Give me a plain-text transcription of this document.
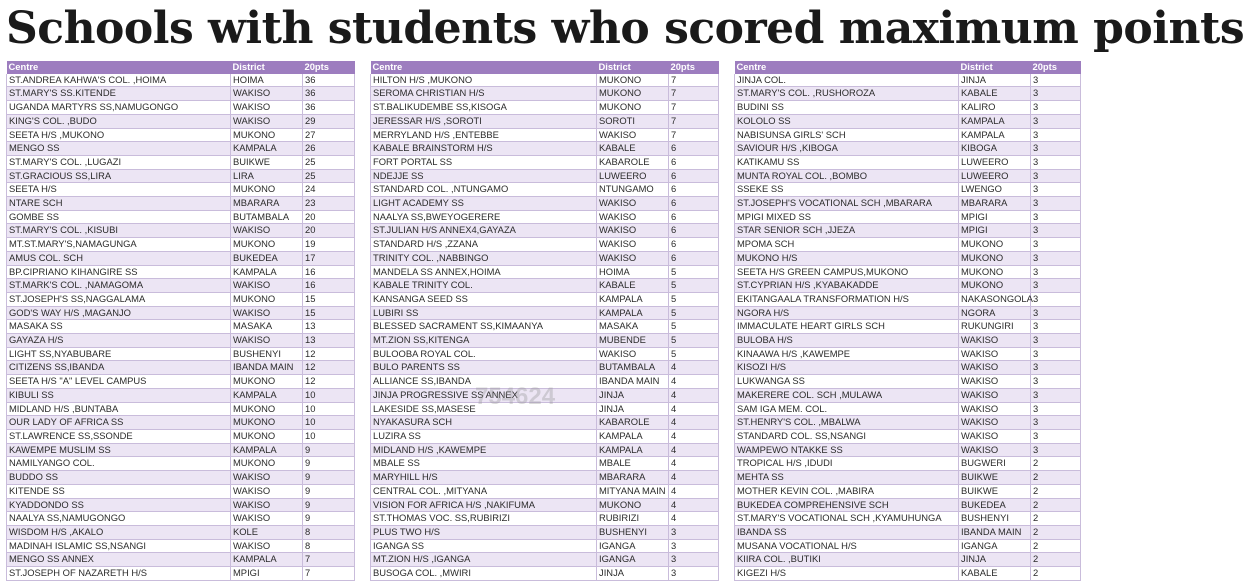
Schools with students who scored maximum points
Centre	District	20pts
ST.ANDREA KAHWA'S COL. ,HOIMA	HOIMA	36
ST.MARY'S SS.KITENDE	WAKISO	36
UGANDA MARTYRS SS,NAMUGONGO	WAKISO	36
KING'S COL. ,BUDO	WAKISO	29
SEETA H/S ,MUKONO	MUKONO	27
MENGO SS	KAMPALA	26
ST.MARY'S COL. ,LUGAZI	BUIKWE	25
ST.GRACIOUS SS,LIRA	LIRA	25
SEETA H/S	MUKONO	24
NTARE SCH	MBARARA	23
GOMBE SS	BUTAMBALA	20
ST.MARY'S COL. ,KISUBI	WAKISO	20
MT.ST.MARY'S,NAMAGUNGA	MUKONO	19
AMUS COL. SCH	BUKEDEA	17
BP.CIPRIANO KIHANGIRE SS	KAMPALA	16
ST.MARK'S COL. ,NAMAGOMA	WAKISO	16
ST.JOSEPH'S SS,NAGGALAMA	MUKONO	15
GOD'S WAY H/S ,MAGANJO	WAKISO	15
MASAKA SS	MASAKA	13
GAYAZA H/S	WAKISO	13
LIGHT SS,NYABUBARE	BUSHENYI	12
CITIZENS SS,IBANDA	IBANDA MAIN	12
SEETA H/S "A" LEVEL CAMPUS	MUKONO	12
KIBULI SS	KAMPALA	10
MIDLAND H/S ,BUNTABA	MUKONO	10
OUR LADY OF AFRICA SS	MUKONO	10
ST.LAWRENCE SS,SSONDE	MUKONO	10
KAWEMPE MUSLIM SS	KAMPALA	9
NAMILYANGO COL.	MUKONO	9
BUDDO SS	WAKISO	9
KITENDE SS	WAKISO	9
KYADDONDO SS	WAKISO	9
NAALYA SS,NAMUGONGO	WAKISO	9
WISDOM H/S ,AKALO	KOLE	8
MADINAH ISLAMIC SS,NSANGI	WAKISO	8
MENGO SS ANNEX	KAMPALA	7
ST.JOSEPH OF NAZARETH H/S	MPIGI	7
Centre	District	20pts
HILTON H/S ,MUKONO	MUKONO	7
SEROMA CHRISTIAN H/S	MUKONO	7
ST.BALIKUDEMBE SS,KISOGA	MUKONO	7
JERESSAR H/S ,SOROTI	SOROTI	7
MERRYLAND H/S ,ENTEBBE	WAKISO	7
KABALE BRAINSTORM H/S	KABALE	6
FORT PORTAL SS	KABAROLE	6
NDEJJE SS	LUWEERO	6
STANDARD COL. ,NTUNGAMO	NTUNGAMO	6
LIGHT ACADEMY SS	WAKISO	6
NAALYA SS,BWEYOGERERE	WAKISO	6
ST.JULIAN H/S ANNEX4,GAYAZA	WAKISO	6
STANDARD H/S ,ZZANA	WAKISO	6
TRINITY COL. ,NABBINGO	WAKISO	6
MANDELA SS ANNEX,HOIMA	HOIMA	5
KABALE TRINITY COL.	KABALE	5
KANSANGA SEED SS	KAMPALA	5
LUBIRI SS	KAMPALA	5
BLESSED SACRAMENT SS,KIMAANYA	MASAKA	5
MT.ZION SS,KITENGA	MUBENDE	5
BULOOBA ROYAL COL.	WAKISO	5
BULO PARENTS SS	BUTAMBALA	4
ALLIANCE SS,IBANDA	IBANDA MAIN	4
JINJA PROGRESSIVE SS ANNEX	JINJA	4
LAKESIDE SS,MASESE	JINJA	4
NYAKASURA SCH	KABAROLE	4
LUZIRA SS	KAMPALA	4
MIDLAND H/S ,KAWEMPE	KAMPALA	4
MBALE SS	MBALE	4
MARYHILL H/S	MBARARA	4
CENTRAL COL. ,MITYANA	MITYANA MAIN	4
VISION FOR AFRICA H/S ,NAKIFUMA	MUKONO	4
ST.THOMAS VOC. SS,RUBIRIZI	RUBIRIZI	4
PLUS TWO H/S	BUSHENYI	3
IGANGA SS	IGANGA	3
MT.ZION H/S ,IGANGA	IGANGA	3
BUSOGA COL. ,MWIRI	JINJA	3
Centre	District	20pts
JINJA COL.	JINJA	3
ST.MARY'S COL. ,RUSHOROZA	KABALE	3
BUDINI SS	KALIRO	3
KOLOLO SS	KAMPALA	3
NABISUNSA GIRLS' SCH	KAMPALA	3
SAVIOUR H/S ,KIBOGA	KIBOGA	3
KATIKAMU SS	LUWEERO	3
MUNTA ROYAL COL. ,BOMBO	LUWEERO	3
SSEKE SS	LWENGO	3
ST.JOSEPH'S VOCATIONAL SCH ,MBARARA	MBARARA	3
MPIGI MIXED SS	MPIGI	3
STAR SENIOR SCH ,JJEZA	MPIGI	3
MPOMA SCH	MUKONO	3
MUKONO H/S	MUKONO	3
SEETA H/S GREEN CAMPUS,MUKONO	MUKONO	3
ST.CYPRIAN H/S ,KYABAKADDE	MUKONO	3
EKITANGAALA TRANSFORMATION H/S	NAKASONGOLA	3
NGORA H/S	NGORA	3
IMMACULATE HEART GIRLS SCH	RUKUNGIRI	3
BULOBA H/S	WAKISO	3
KINAAWA H/S ,KAWEMPE	WAKISO	3
KISOZI H/S	WAKISO	3
LUKWANGA SS	WAKISO	3
MAKERERE COL. SCH ,MULAWA	WAKISO	3
SAM IGA MEM. COL.	WAKISO	3
ST.HENRY'S COL. ,MBALWA	WAKISO	3
STANDARD COL. SS,NSANGI	WAKISO	3
WAMPEWO NTAKKE SS	WAKISO	3
TROPICAL H/S ,IDUDI	BUGWERI	2
MEHTA SS	BUIKWE	2
MOTHER KEVIN COL. ,MABIRA	BUIKWE	2
BUKEDEA COMPREHENSIVE SCH	BUKEDEA	2
ST.MARY'S VOCATIONAL SCH ,KYAMUHUNGA	BUSHENYI	2
IBANDA SS	IBANDA MAIN	2
MUSANA VOCATIONAL H/S	IGANGA	2
KIIRA COL. ,BUTIKI	JINJA	2
KIGEZI H/S	KABALE	2
754624
